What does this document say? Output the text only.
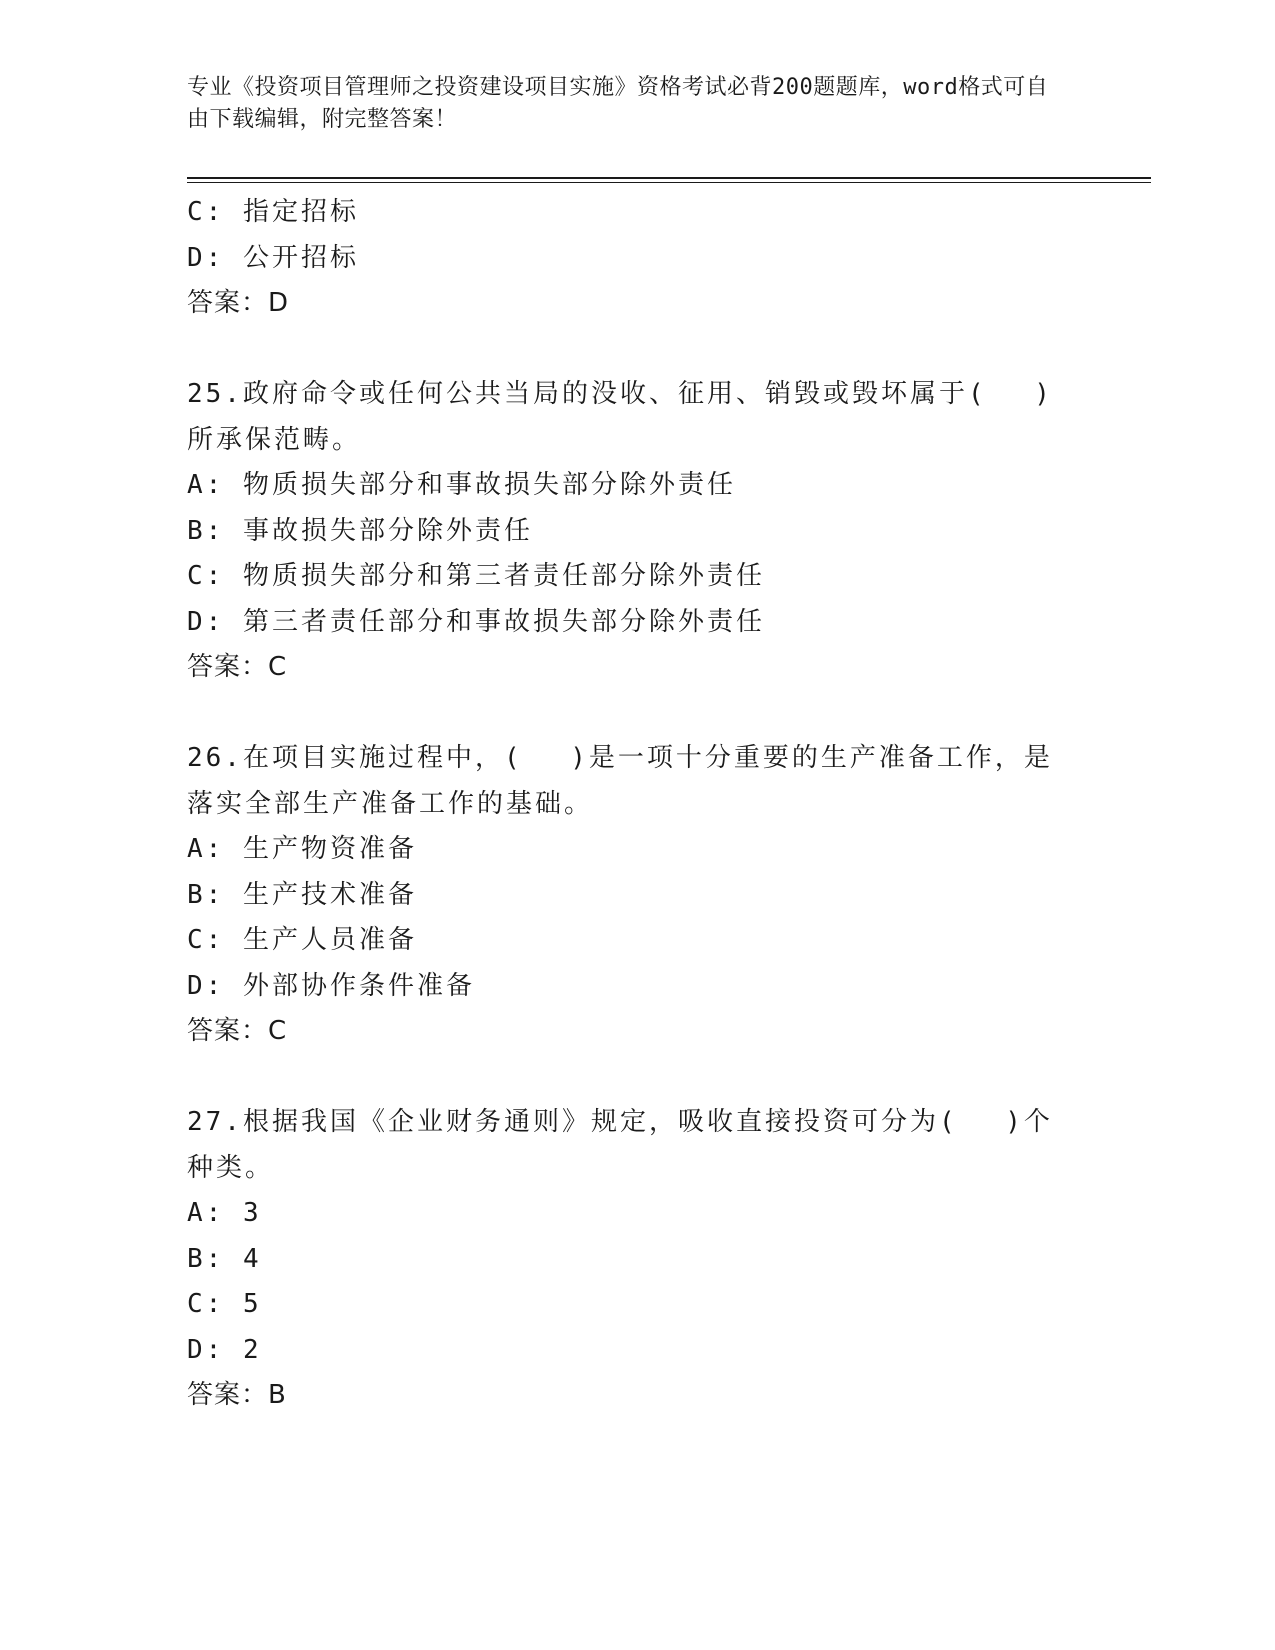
专业《投资项目管理师之投资建设项目实施》资格考试必背200题题库，word格式可自由下载编辑，附完整答案！
C: 指定招标
D: 公开招标
答案：D
25.政府命令或任何公共当局的没收、征用、销毁或毁坏属于(　 )所承保范畴。
A: 物质损失部分和事故损失部分除外责任
B: 事故损失部分除外责任
C: 物质损失部分和第三者责任部分除外责任
D: 第三者责任部分和事故损失部分除外责任
答案：C
26.在项目实施过程中，(　 )是一项十分重要的生产准备工作，是落实全部生产准备工作的基础。
A: 生产物资准备
B: 生产技术准备
C: 生产人员准备
D: 外部协作条件准备
答案：C
27.根据我国《企业财务通则》规定，吸收直接投资可分为(　 )个种类。
A: 3
B: 4
C: 5
D: 2
答案：B
